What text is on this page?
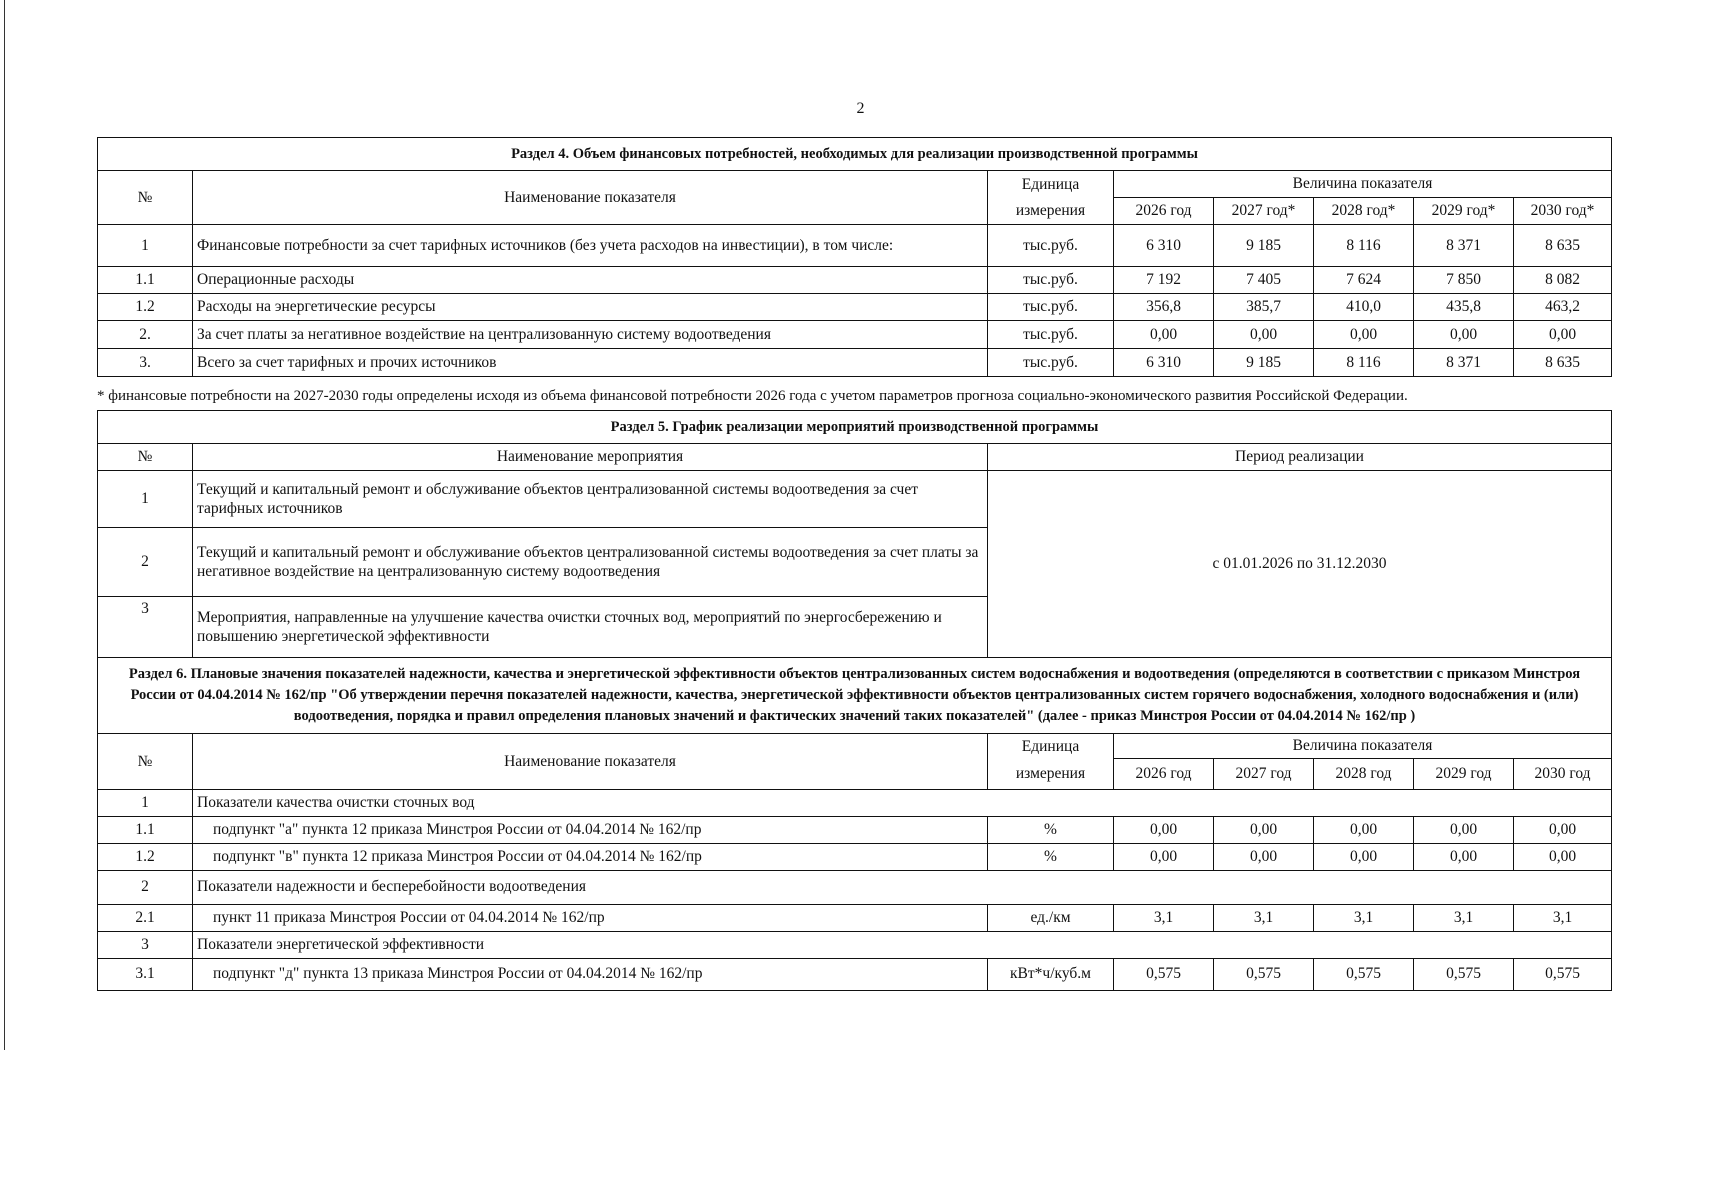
2
Раздел 4. Объем финансовых потребностей, необходимых для реализации производственной программы							
№	Наименование показателя	Единица	Величина показателя				
		измерения	2026 год	2027 год*	2028 год*	2029 год*	2030 год*
1	Финансовые потребности за счет тарифных источников (без учета расходов на инвестиции), в том числе:	тыс.руб.	6 310	9 185	8 116	8 371	8 635
1.1	Операционные расходы	тыс.руб.	7 192	7 405	7 624	7 850	8 082
1.2	Расходы на энергетические ресурсы	тыс.руб.	356,8	385,7	410,0	435,8	463,2
2.	За счет платы за негативное воздействие на централизованную систему водоотведения	тыс.руб.	0,00	0,00	0,00	0,00	0,00
3.	Всего за счет тарифных и прочих источников	тыс.руб.	6 310	9 185	8 116	8 371	8 635
* финансовые потребности на 2027-2030 годы определены исходя из объема финансовой потребности 2026 года с учетом параметров прогноза социально-экономического развития Российской Федерации.
Раздел 5. График реализации мероприятий производственной программы		
№	Наименование мероприятия	Период реализации
1	Текущий и капитальный ремонт и обслуживание объектов централизованной системы водоотведения за счет тарифных источников	с 01.01.2026 по 31.12.2030
2	Текущий и капитальный ремонт и обслуживание объектов централизованной системы водоотведения за счет платы за негативное воздействие на централизованную систему водоотведения	
3	Мероприятия, направленные на улучшение качества очистки сточных вод, мероприятий по энергосбережению и повышению энергетической эффективности	
Раздел 6. Плановые значения показателей надежности, качества и энергетической эффективности объектов централизованных систем водоснабжения и водоотведения (определяются в соответствии с приказом Минстроя России от 04.04.2014 № 162/пр "Об утверждении перечня показателей надежности, качества, энергетической эффективности объектов централизованных систем горячего водоснабжения, холодного водоснабжения и (или) водоотведения, порядка и правил определения плановых значений и фактических значений таких показателей" (далее - приказ Минстроя России от 04.04.2014 № 162/пр )							
№	Наименование показателя	Единица	Величина показателя				
		измерения	2026 год	2027 год	2028 год	2029 год	2030 год
1	Показатели качества очистки сточных вод						
1.1	подпункт "а" пункта 12 приказа Минстроя России от 04.04.2014 № 162/пр	%	0,00	0,00	0,00	0,00	0,00
1.2	подпункт "в" пункта 12 приказа Минстроя России от 04.04.2014 № 162/пр	%	0,00	0,00	0,00	0,00	0,00
2	Показатели надежности и бесперебойности водоотведения						
2.1	пункт 11 приказа Минстроя России от 04.04.2014 № 162/пр	ед./км	3,1	3,1	3,1	3,1	3,1
3	Показатели энергетической эффективности						
3.1	подпункт "д" пункта 13 приказа Минстроя России от 04.04.2014 № 162/пр	кВт*ч/куб.м	0,575	0,575	0,575	0,575	0,575
